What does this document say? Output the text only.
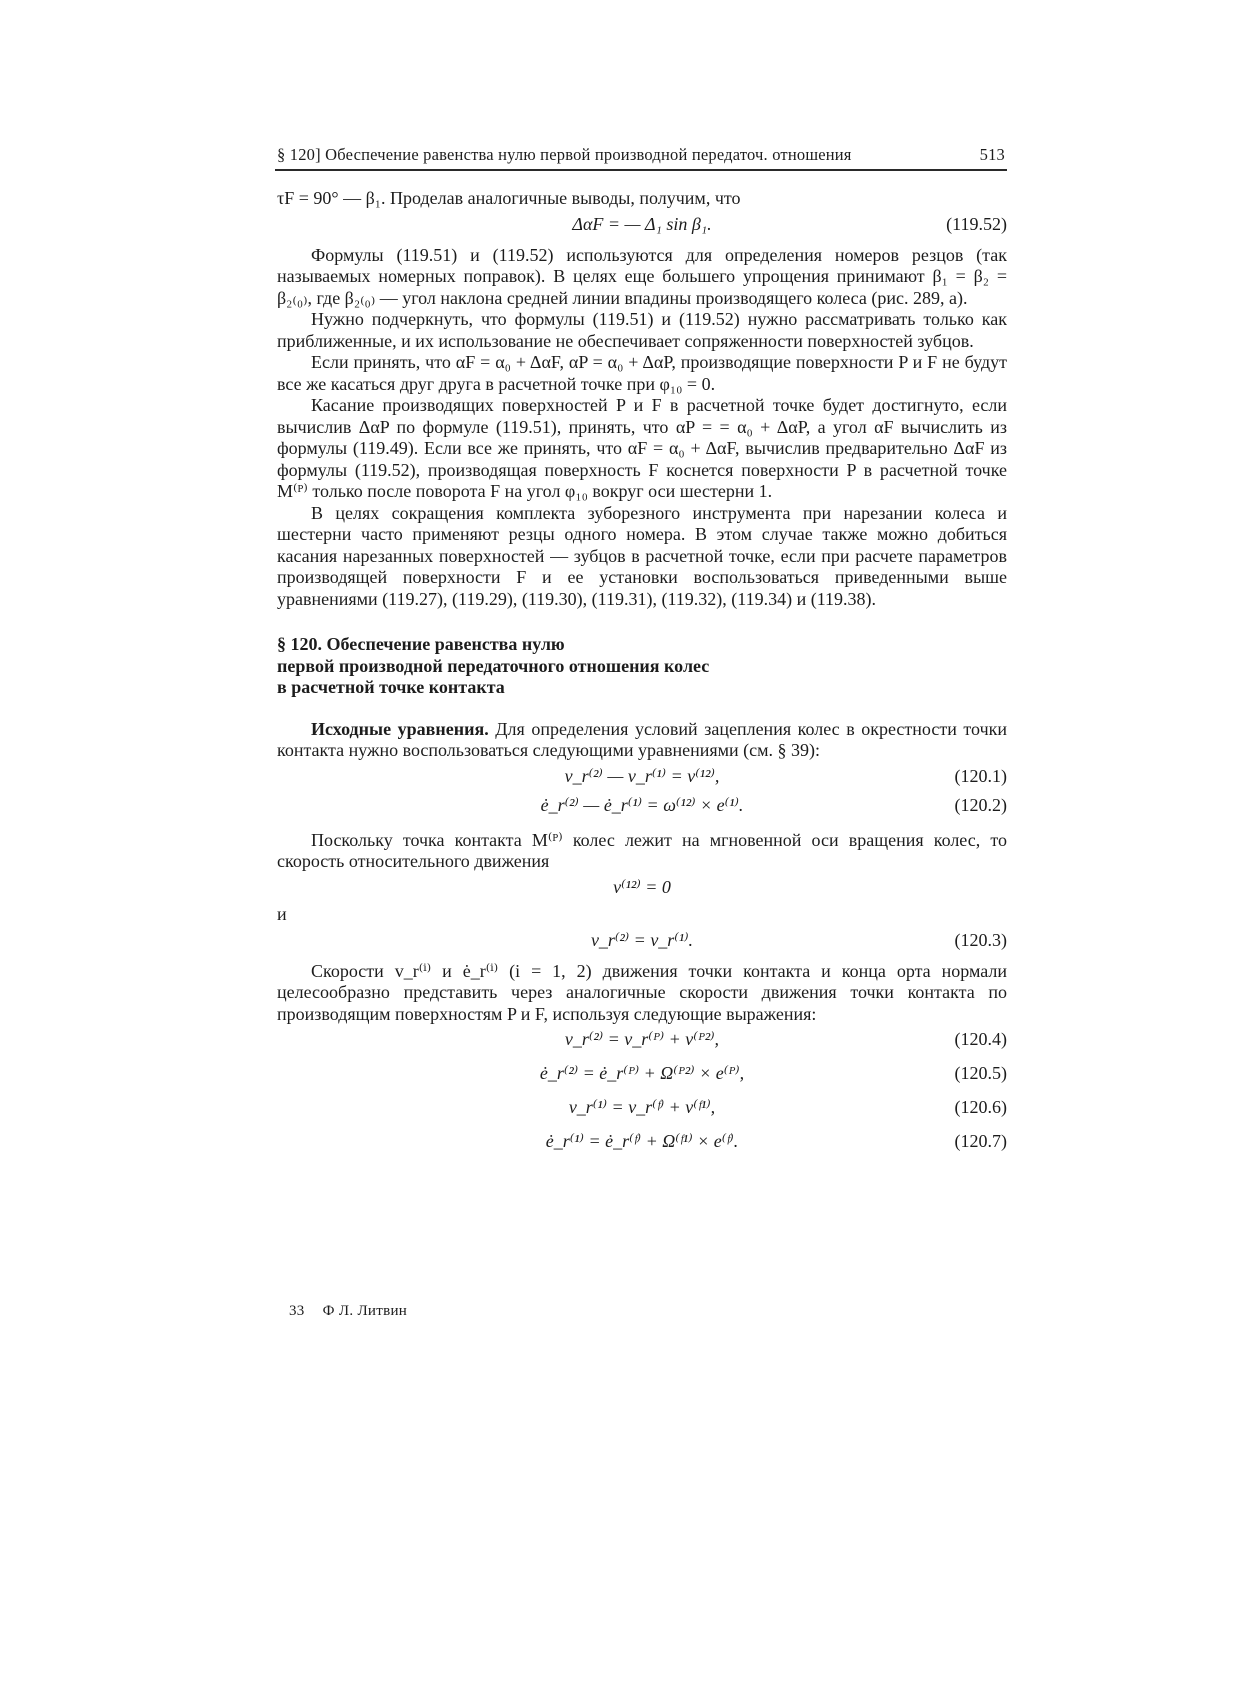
§ 120] Обеспечение равенства нулю первой производной передаточ. отношения	513

τF = 90° — β₁. Проделав аналогичные выводы, получим, что

ΔαF = — Δ₁ sin β₁.	(119.52)

Формулы (119.51) и (119.52) используются для определения номеров резцов (так называемых номерных поправок). В целях еще большего упрощения принимают β₁ = β₂ = β₂₍₀₎, где β₂₍₀₎ — угол наклона средней линии впадины производящего колеса (рис. 289, а).

Нужно подчеркнуть, что формулы (119.51) и (119.52) нужно рассматривать только как приближенные, и их использование не обеспечивает сопряженности поверхностей зубцов.

Если принять, что αF = α₀ + ΔαF, αP = α₀ + ΔαP, производящие поверхности P и F не будут все же касаться друг друга в расчетной точке при φ₁₀ = 0.

Касание производящих поверхностей P и F в расчетной точке будет достигнуто, если вычислив ΔαP по формуле (119.51), принять, что αP = = α₀ + ΔαP, а угол αF вычислить из формулы (119.49). Если все же принять, что αF = α₀ + ΔαF, вычислив предварительно ΔαF из формулы (119.52), производящая поверхность F коснется поверхности P в расчетной точке M⁽ᴾ⁾ только после поворота F на угол φ₁₀ вокруг оси шестерни 1.

В целях сокращения комплекта зуборезного инструмента при нарезании колеса и шестерни часто применяют резцы одного номера. В этом случае также можно добиться касания нарезанных поверхностей — зубцов в расчетной точке, если при расчете параметров производящей поверхности F и ее установки воспользоваться приведенными выше уравнениями (119.27), (119.29), (119.30), (119.31), (119.32), (119.34) и (119.38).

§ 120. Обеспечение равенства нулю
первой производной передаточного отношения колес
в расчетной точке контакта

Исходные уравнения. Для определения условий зацепления колес в окрестности точки контакта нужно воспользоваться следующими уравнениями (см. § 39):

v_r⁽²⁾ — v_r⁽¹⁾ = v⁽¹²⁾,	(120.1)
ė_r⁽²⁾ — ė_r⁽¹⁾ = ω⁽¹²⁾ × e⁽¹⁾.	(120.2)

Поскольку точка контакта M⁽ᴾ⁾ колес лежит на мгновенной оси вращения колес, то скорость относительного движения

v⁽¹²⁾ = 0
и
v_r⁽²⁾ = v_r⁽¹⁾.	(120.3)

Скорости v_r⁽ⁱ⁾ и ė_r⁽ⁱ⁾ (i = 1, 2) движения точки контакта и конца орта нормали целесообразно представить через аналогичные скорости движения точки контакта по производящим поверхностям P и F, используя следующие выражения:

v_r⁽²⁾ = v_r⁽ᴾ⁾ + v⁽ᴾ²⁾,	(120.4)
ė_r⁽²⁾ = ė_r⁽ᴾ⁾ + Ω⁽ᴾ²⁾ × e⁽ᴾ⁾,	(120.5)
v_r⁽¹⁾ = v_r⁽ᶠ⁾ + v⁽ᶠ¹⁾,	(120.6)
ė_r⁽¹⁾ = ė_r⁽ᶠ⁾ + Ω⁽ᶠ¹⁾ × e⁽ᶠ⁾.	(120.7)
33 Ф Л. Литвин
